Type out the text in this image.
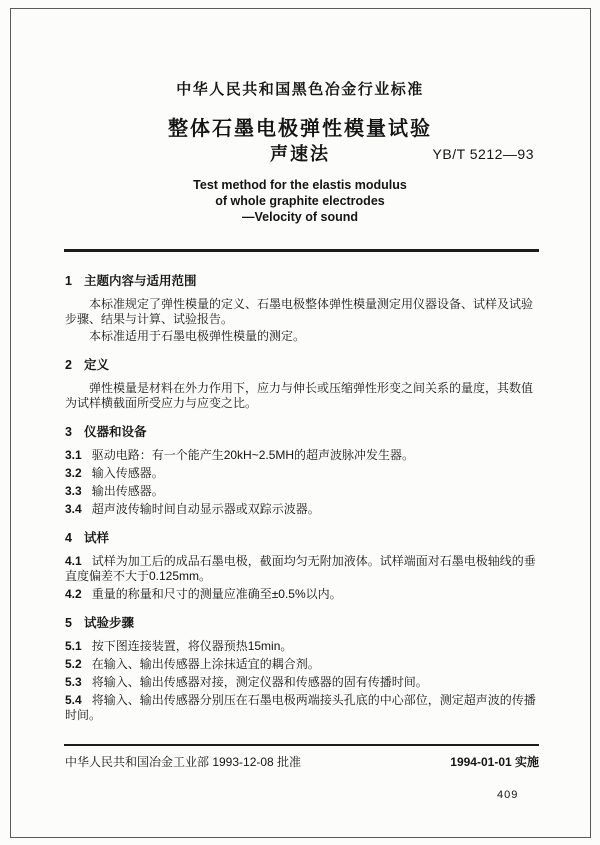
中华人民共和国黑色冶金行业标准
整体石墨电极弹性模量试验
声速法	YB/T 5212—93
Test method for the elastis modulus
of whole graphite electrodes
—Velocity of sound

1 主题内容与适用范围

本标准规定了弹性模量的定义、石墨电极整体弹性模量测定用仪器设备、试样及试验步骤、结果与计算、试验报告。

本标准适用于石墨电极弹性模量的测定。

2 定义

弹性模量是材料在外力作用下，应力与伸长或压缩弹性形变之间关系的量度，其数值为试样横截面所受应力与应变之比。

3 仪器和设备

3.1 驱动电路：有一个能产生20kH~2.5MH的超声波脉冲发生器。

3.2 输入传感器。

3.3 输出传感器。

3.4 超声波传输时间自动显示器或双踪示波器。

4 试样

4.1 试样为加工后的成品石墨电极，截面均匀无附加液体。试样端面对石墨电极轴线的垂直度偏差不大于0.125mm。

4.2 重量的称量和尺寸的测量应准确至±0.5%以内。

5 试验步骤

5.1 按下图连接装置，将仪器预热15min。

5.2 在输入、输出传感器上涂抹适宜的耦合剂。

5.3 将输入、输出传感器对接，测定仪器和传感器的固有传播时间。

5.4 将输入、输出传感器分别压在石墨电极两端接头孔底的中心部位，测定超声波的传播时间。

中华人民共和国冶金工业部 1993-12-08 批准	1994-01-01 实施
409
